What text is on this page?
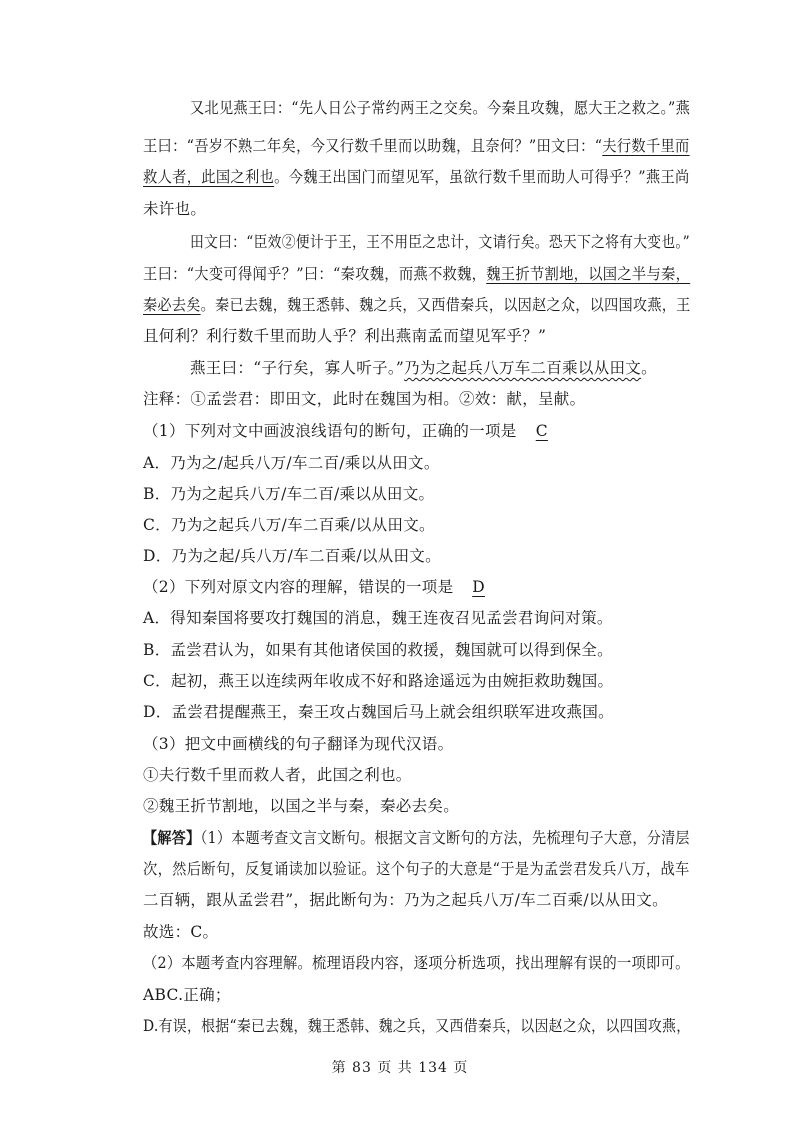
又北见燕王曰：“先人日公子常约两王之交矣。今秦且攻魏，愿大王之救之。”燕
王曰：“吾岁不熟二年矣，今又行数千里而以助魏，且奈何？”田文曰：“夫行数千里而
救人者，此国之利也。今魏王出国门而望见军，虽欲行数千里而助人可得乎？”燕王尚
未许也。
田文曰：“臣效②便计于王，王不用臣之忠计，文请行矣。恐天下之将有大变也。”
王曰：“大变可得闻乎？”曰：“秦攻魏，而燕不救魏，魏王折节割地，以国之半与秦，
秦必去矣。秦已去魏，魏王悉韩、魏之兵，又西借秦兵，以因赵之众，以四国攻燕，王
且何利？利行数千里而助人乎？利出燕南孟而望见军乎？”
燕王曰：“子行矣，寡人听子。”乃为之起兵八万车二百乘以从田文。
注释：①孟尝君：即田文，此时在魏国为相。②效：献，呈献。
（1）下列对文中画波浪线语句的断句，正确的一项是 C
A．乃为之/起兵八万/车二百/乘以从田文。
B．乃为之起兵八万/车二百/乘以从田文。
C．乃为之起兵八万/车二百乘/以从田文。
D．乃为之起/兵八万/车二百乘/以从田文。
（2）下列对原文内容的理解，错误的一项是 D
A．得知秦国将要攻打魏国的消息，魏王连夜召见孟尝君询问对策。
B．孟尝君认为，如果有其他诸侯国的救援，魏国就可以得到保全。
C．起初，燕王以连续两年收成不好和路途遥远为由婉拒救助魏国。
D．孟尝君提醒燕王，秦王攻占魏国后马上就会组织联军进攻燕国。
（3）把文中画横线的句子翻译为现代汉语。
①夫行数千里而救人者，此国之利也。
②魏王折节割地，以国之半与秦，秦必去矣。
【解答】（1）本题考查文言文断句。根据文言文断句的方法，先梳理句子大意，分清层
次，然后断句，反复诵读加以验证。这个句子的大意是“于是为孟尝君发兵八万，战车
二百辆，跟从孟尝君”，据此断句为：乃为之起兵八万/车二百乘/以从田文。
故选：C。
（2）本题考查内容理解。梳理语段内容，逐项分析选项，找出理解有误的一项即可。
ABC.正确；
D.有误，根据“秦已去魏，魏王悉韩、魏之兵，又西借秦兵，以因赵之众，以四国攻燕，
第 83 页 共 134 页
